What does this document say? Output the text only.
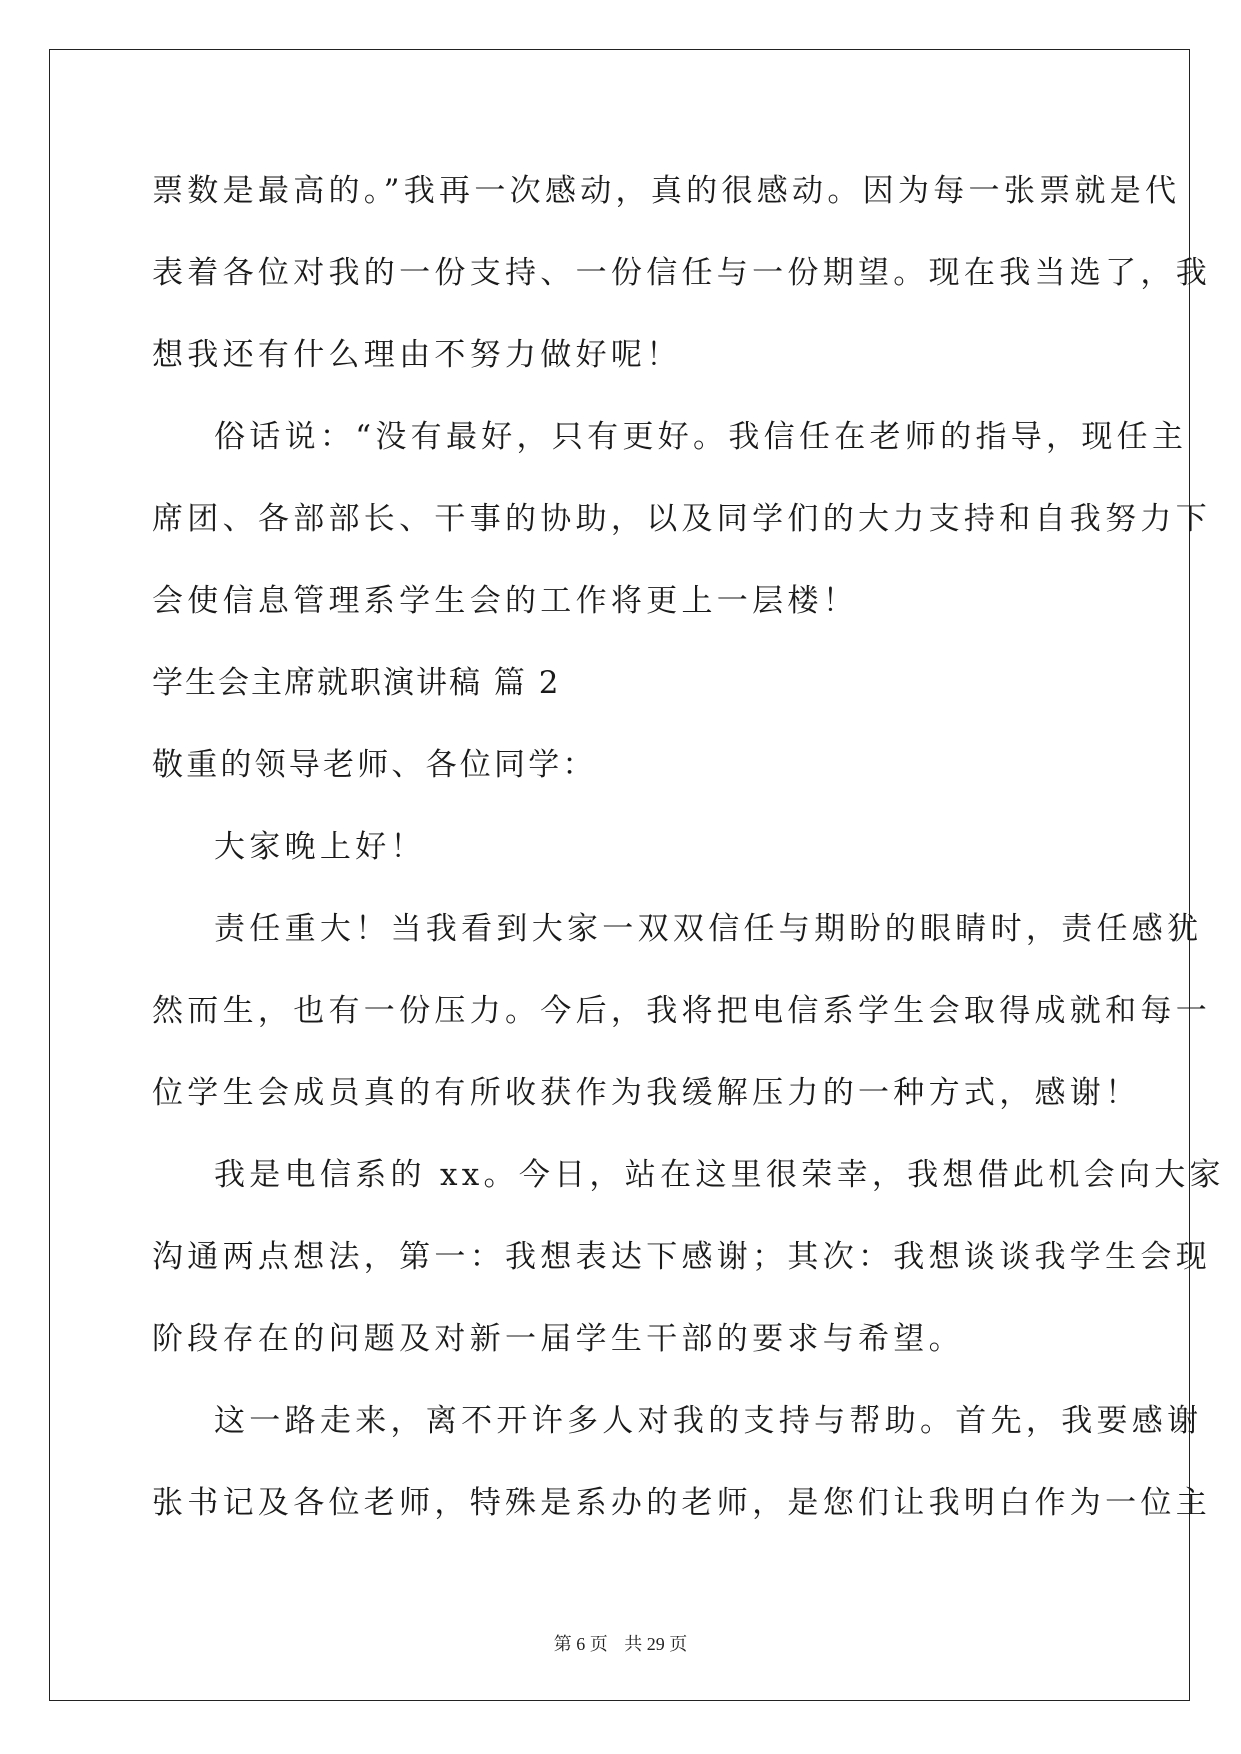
票数是最高的。”我再一次感动，真的很感动。因为每一张票就是代
表着各位对我的一份支持、一份信任与一份期望。现在我当选了，我
想我还有什么理由不努力做好呢！
俗话说：“没有最好，只有更好。我信任在老师的指导，现任主
席团、各部部长、干事的协助，以及同学们的大力支持和自我努力下
会使信息管理系学生会的工作将更上一层楼！
学生会主席就职演讲稿 篇 2
敬重的领导老师、各位同学：
大家晚上好！
责任重大！当我看到大家一双双信任与期盼的眼睛时，责任感犹
然而生，也有一份压力。今后，我将把电信系学生会取得成就和每一
位学生会成员真的有所收获作为我缓解压力的一种方式，感谢！
我是电信系的 xx。今日，站在这里很荣幸，我想借此机会向大家
沟通两点想法，第一：我想表达下感谢；其次：我想谈谈我学生会现
阶段存在的问题及对新一届学生干部的要求与希望。
这一路走来，离不开许多人对我的支持与帮助。首先，我要感谢
张书记及各位老师，特殊是系办的老师，是您们让我明白作为一位主
第 6 页 共 29 页
